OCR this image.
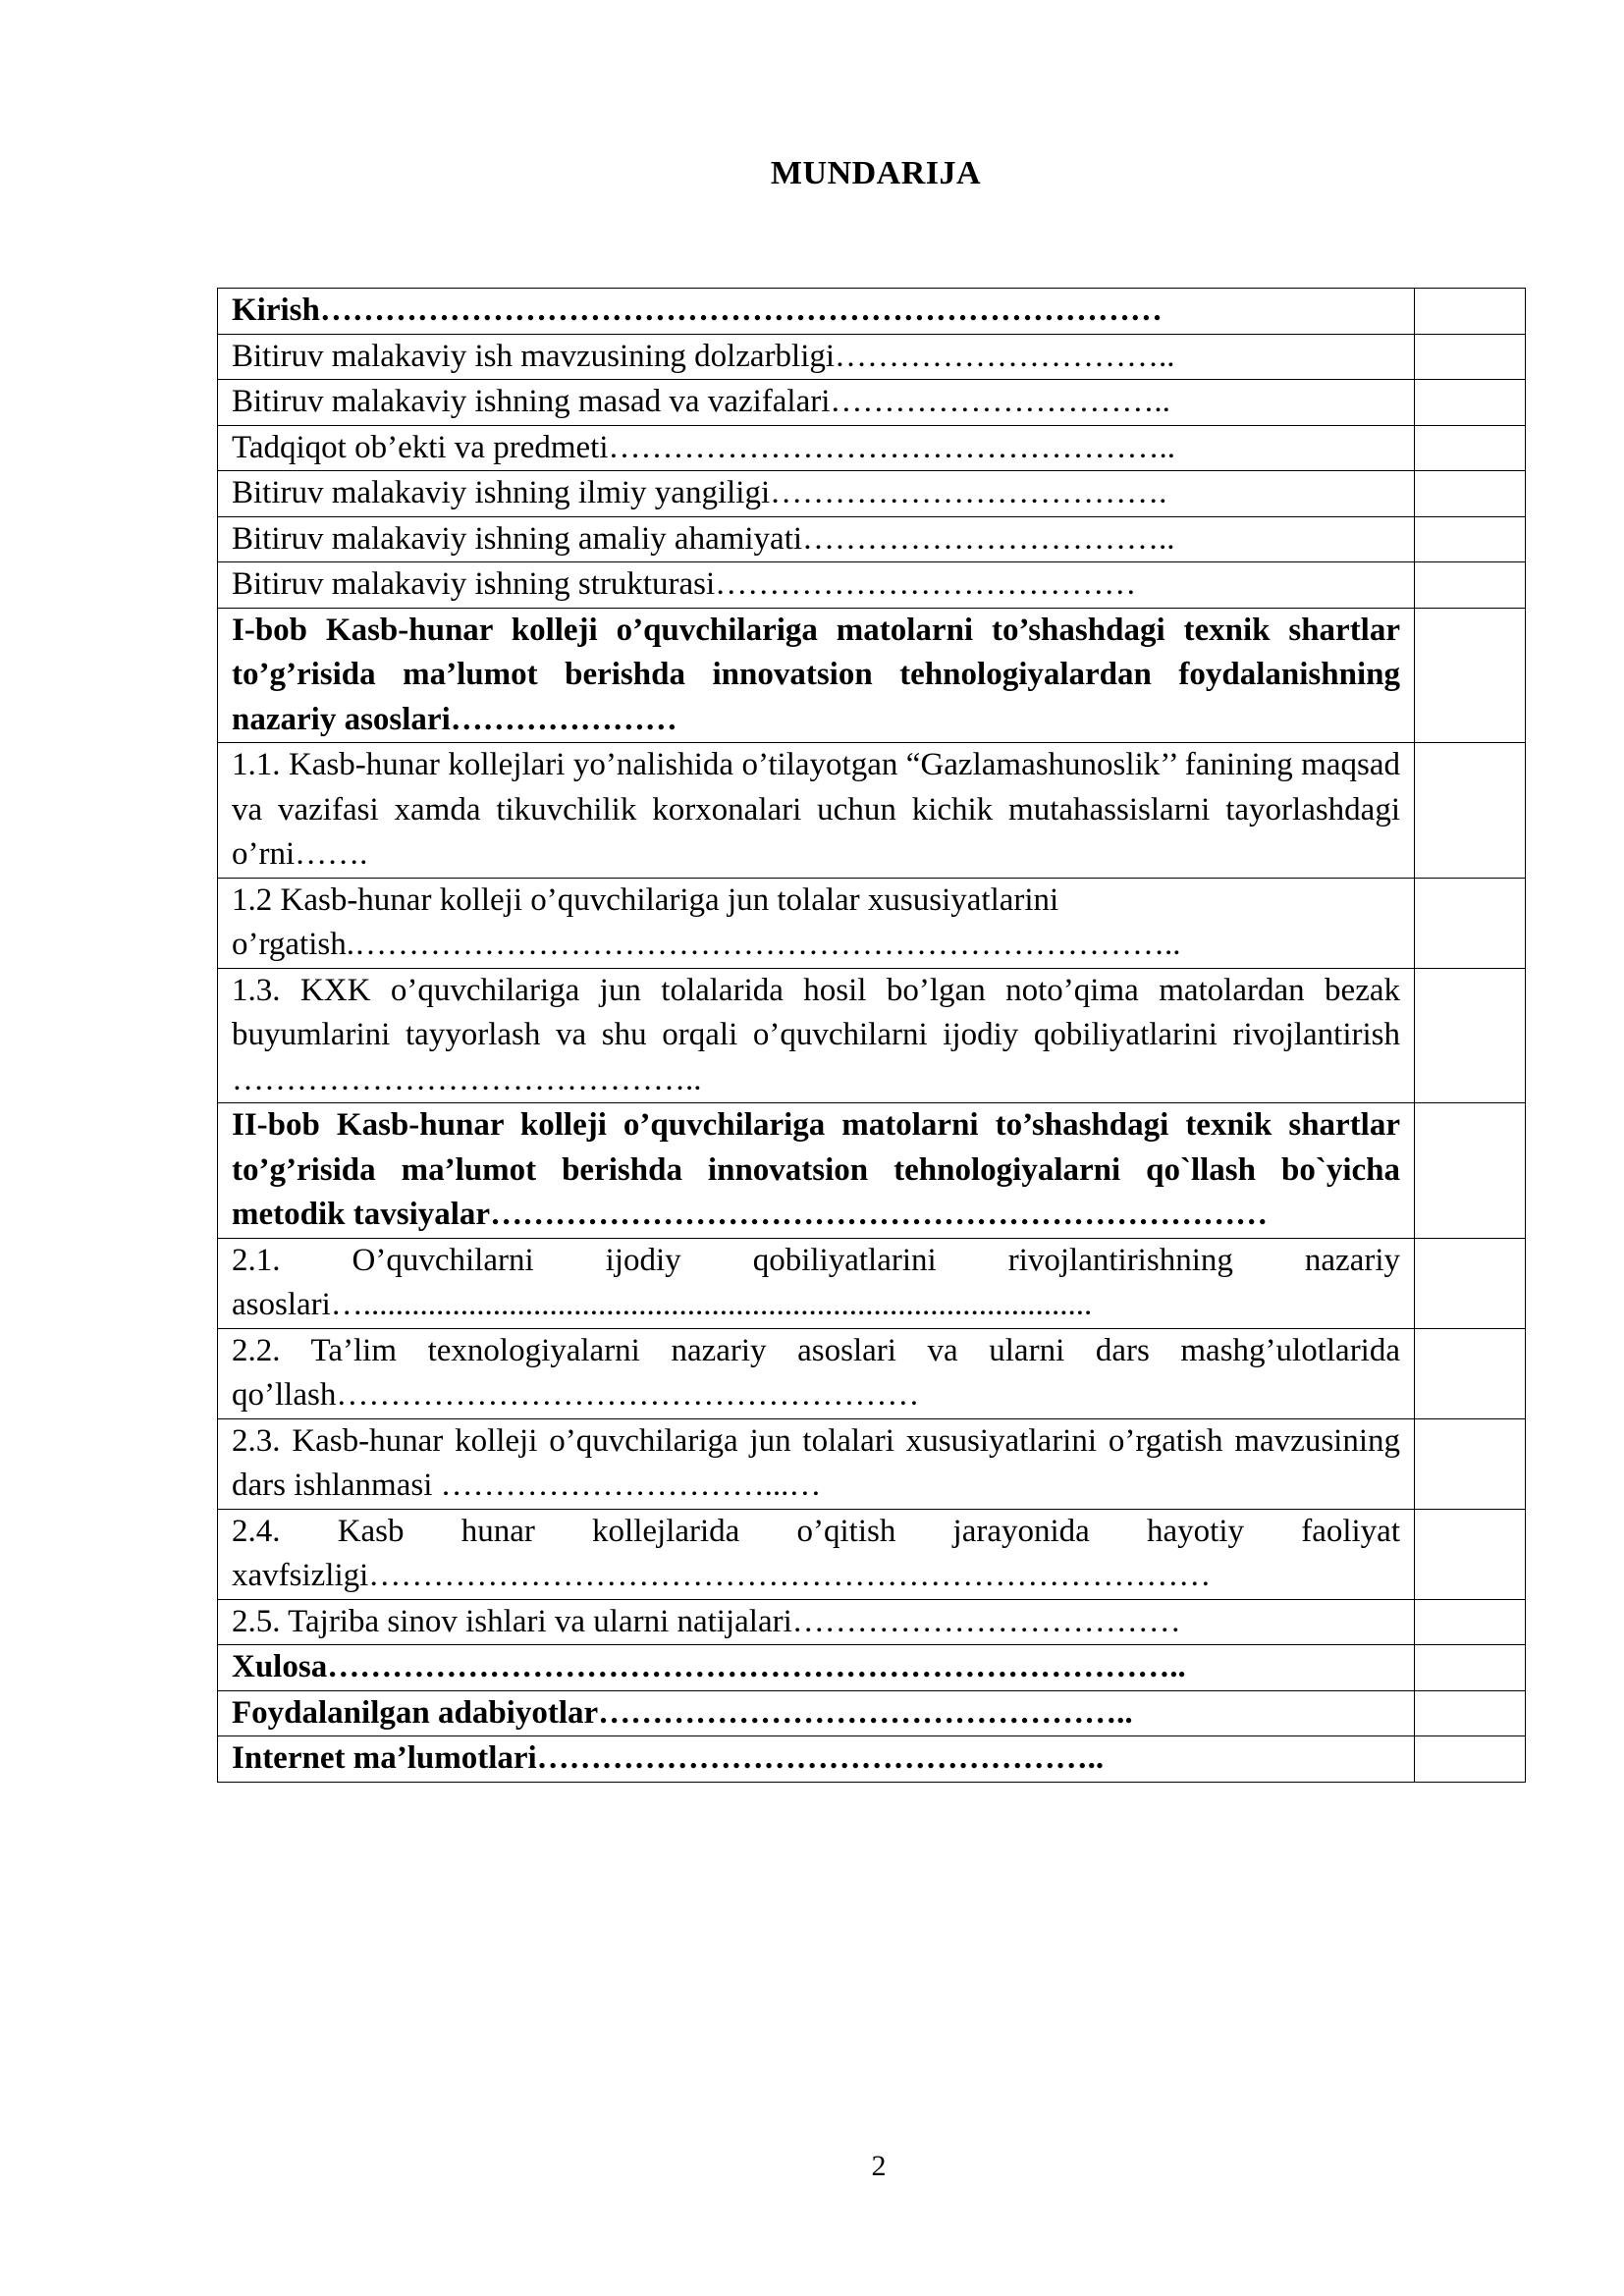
MUNDARIJA
Kirish……………………………………………………………………	
Bitiruv malakaviy ish mavzusining dolzarbligi…………………………..	
Bitiruv malakaviy ishning masad va vazifalari…………………………..	
Tadqiqot ob’ekti va predmeti……………………………………………..	
Bitiruv malakaviy ishning ilmiy yangiligi……………………………….	
Bitiruv malakaviy ishning amaliy ahamiyati……………………………..	
Bitiruv malakaviy ishning strukturasi…………………………………	
I-bob Kasb-hunar kolleji o’quvchilariga matolarni to’shashdagi texnik shartlar to’g’risida ma’lumot berishda innovatsion tehnologiyalardan foydalanishning nazariy asoslari…………………	
1.1. Kasb-hunar kollejlari yo’nalishida o’tilayotgan “Gazlamashunoslik’’ fanining maqsad va vazifasi xamda tikuvchilik korxonalari uchun kichik mutahassislarni tayorlashdagi o’rni…….	
1.2 Kasb-hunar kolleji o’quvchilariga jun tolalar xususiyatlarini o’rgatish.…………………………………………………………………..	
1.3. KXK o’quvchilariga jun tolalarida hosil bo’lgan noto’qima matolardan bezak buyumlarini tayyorlash va shu orqali o’quvchilarni ijodiy qobiliyatlarini rivojlantirish ……………………………………..	
II-bob Kasb-hunar kolleji o’quvchilariga matolarni to’shashdagi texnik shartlar to’g’risida ma’lumot berishda innovatsion tehnologiyalarni qo`llash bo`yicha metodik tavsiyalar………………………………………………………………	
2.1. O’quvchilarni ijodiy qobiliyatlarini rivojlantirishning nazariy asoslari…..........................................................................................	
2.2. Ta’lim texnologiyalarni nazariy asoslari va ularni dars mashg’ulotlarida qo’llash………………………………………………	
2.3. Kasb-hunar kolleji o’quvchilariga jun tolalari xususiyatlarini o’rgatish mavzusining dars ishlanmasi …………………………...…	
2.4. Kasb hunar kollejlarida o’qitish jarayonida hayotiy faoliyat xavfsizligi……………………………………………………………………	
2.5. Tajriba sinov ishlari va ularni natijalari………………………………	
Xulosa……………………………………………………………………..	
Foydalanilgan adabiyotlar…………………………………………..	
Internet ma’lumotlari……………………………………………..	
2
